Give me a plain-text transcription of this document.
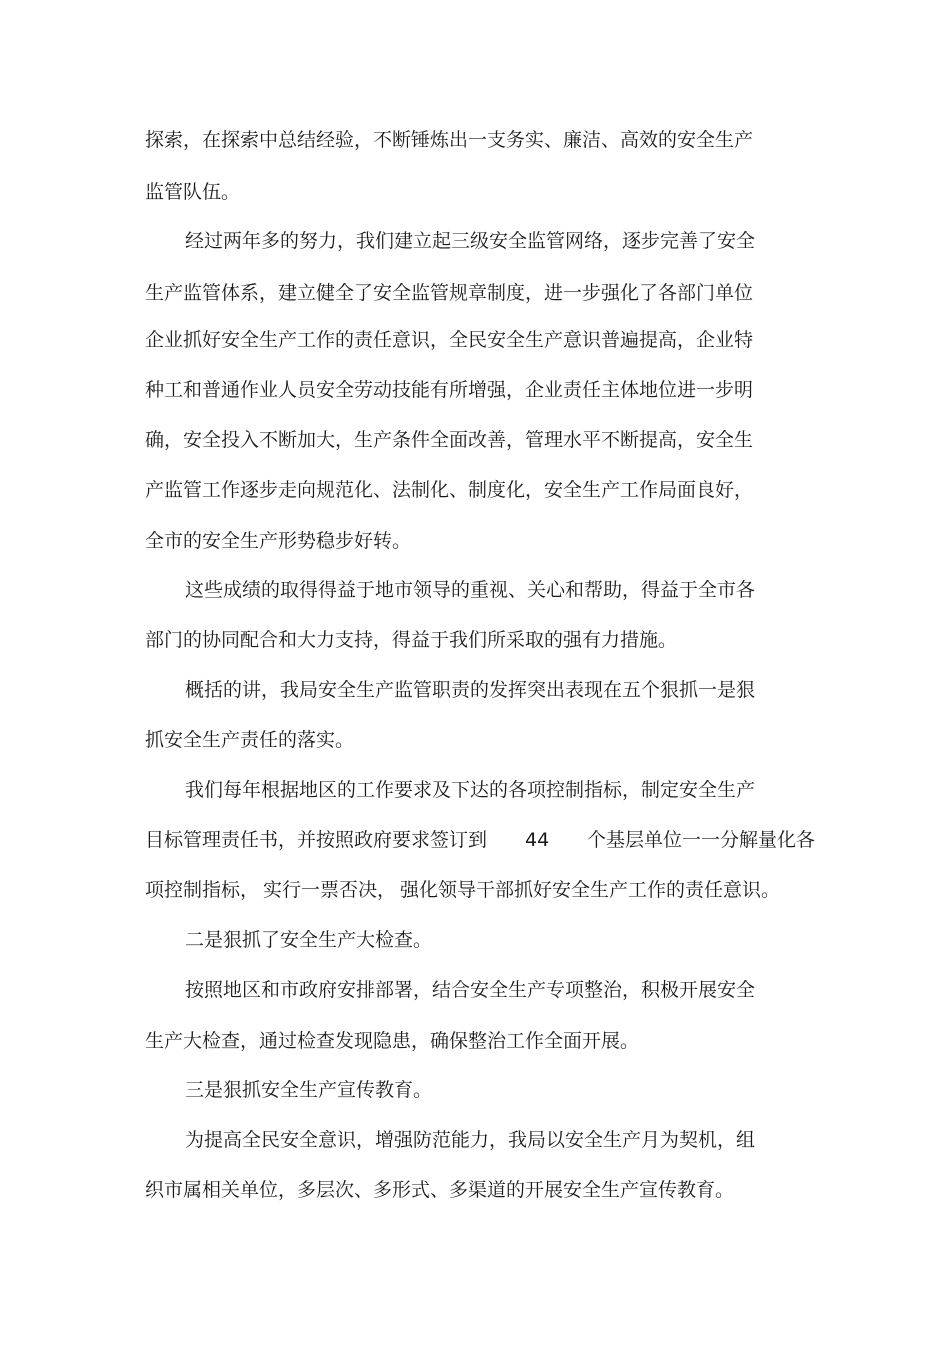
探索，在探索中总结经验，不断锤炼出一支务实、廉洁、高效的安全生产
监管队伍。
经过两年多的努力，我们建立起三级安全监管网络，逐步完善了安全
生产监管体系，建立健全了安全监管规章制度，进一步强化了各部门单位
企业抓好安全生产工作的责任意识，全民安全生产意识普遍提高，企业特
种工和普通作业人员安全劳动技能有所增强，企业责任主体地位进一步明
确，安全投入不断加大，生产条件全面改善，管理水平不断提高，安全生
产监管工作逐步走向规范化、法制化、制度化，安全生产工作局面良好，
全市的安全生产形势稳步好转。
这些成绩的取得得益于地市领导的重视、关心和帮助，得益于全市各
部门的协同配合和大力支持，得益于我们所采取的强有力措施。
概括的讲，我局安全生产监管职责的发挥突出表现在五个狠抓一是狠
抓安全生产责任的落实。
我们每年根据地区的工作要求及下达的各项控制指标，制定安全生产
目标管理责任书，并按照政府要求签订到 44 个基层单位一一分解量化各
项控制指标， 实行一票否决， 强化领导干部抓好安全生产工作的责任意识。
二是狠抓了安全生产大检查。
按照地区和市政府安排部署，结合安全生产专项整治，积极开展安全
生产大检查，通过检查发现隐患，确保整治工作全面开展。
三是狠抓安全生产宣传教育。
为提高全民安全意识，增强防范能力，我局以安全生产月为契机，组
织市属相关单位，多层次、多形式、多渠道的开展安全生产宣传教育。
